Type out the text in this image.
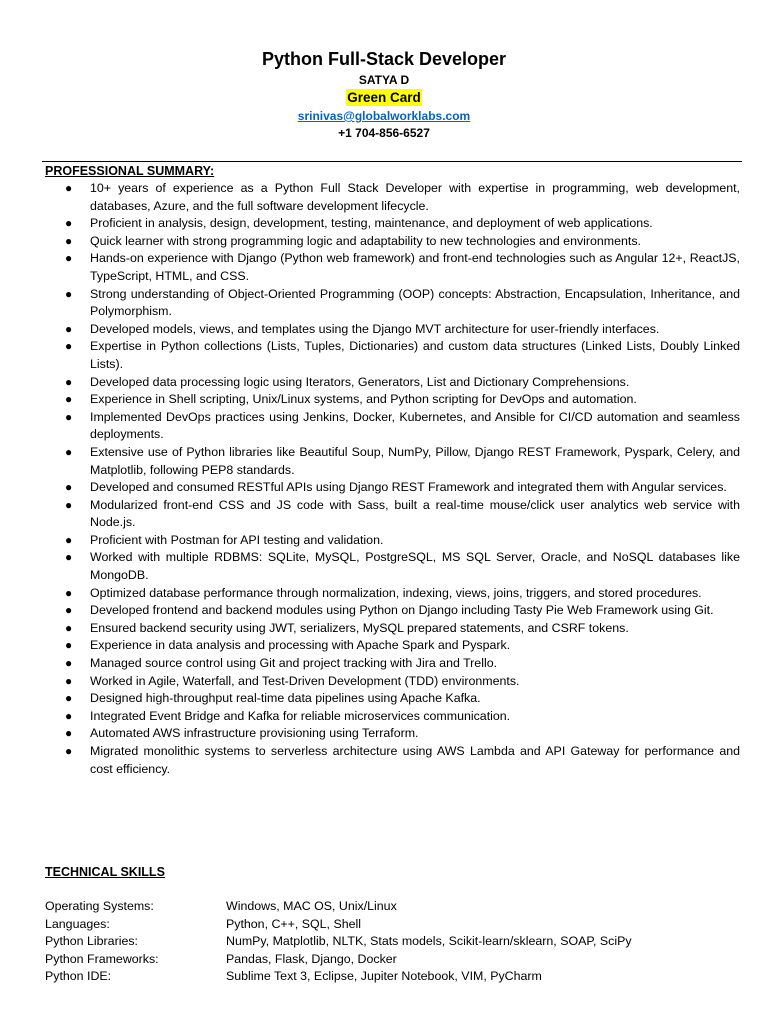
Python Full-Stack Developer
SATYA D
Green Card
srinivas@globalworklabs.com
+1 704-856-6527
PROFESSIONAL SUMMARY:
● 10+ years of experience as a Python Full Stack Developer with expertise in programming, web development, databases, Azure, and the full software development lifecycle.
● Proficient in analysis, design, development, testing, maintenance, and deployment of web applications.
● Quick learner with strong programming logic and adaptability to new technologies and environments.
● Hands-on experience with Django (Python web framework) and front-end technologies such as Angular 12+, ReactJS, TypeScript, HTML, and CSS.
● Strong understanding of Object-Oriented Programming (OOP) concepts: Abstraction, Encapsulation, Inheritance, and Polymorphism.
● Developed models, views, and templates using the Django MVT architecture for user-friendly interfaces.
● Expertise in Python collections (Lists, Tuples, Dictionaries) and custom data structures (Linked Lists, Doubly Linked Lists).
● Developed data processing logic using Iterators, Generators, List and Dictionary Comprehensions.
● Experience in Shell scripting, Unix/Linux systems, and Python scripting for DevOps and automation.
● Implemented DevOps practices using Jenkins, Docker, Kubernetes, and Ansible for CI/CD automation and seamless deployments.
● Extensive use of Python libraries like Beautiful Soup, NumPy, Pillow, Django REST Framework, Pyspark, Celery, and Matplotlib, following PEP8 standards.
● Developed and consumed RESTful APIs using Django REST Framework and integrated them with Angular services.
● Modularized front-end CSS and JS code with Sass, built a real-time mouse/click user analytics web service with Node.js.
● Proficient with Postman for API testing and validation.
● Worked with multiple RDBMS: SQLite, MySQL, PostgreSQL, MS SQL Server, Oracle, and NoSQL databases like MongoDB.
● Optimized database performance through normalization, indexing, views, joins, triggers, and stored procedures.
● Developed frontend and backend modules using Python on Django including Tasty Pie Web Framework using Git.
● Ensured backend security using JWT, serializers, MySQL prepared statements, and CSRF tokens.
● Experience in data analysis and processing with Apache Spark and Pyspark.
● Managed source control using Git and project tracking with Jira and Trello.
● Worked in Agile, Waterfall, and Test-Driven Development (TDD) environments.
● Designed high-throughput real-time data pipelines using Apache Kafka.
● Integrated Event Bridge and Kafka for reliable microservices communication.
● Automated AWS infrastructure provisioning using Terraform.
● Migrated monolithic systems to serverless architecture using AWS Lambda and API Gateway for performance and cost efficiency.
TECHNICAL SKILLS
Operating Systems:	Windows, MAC OS, Unix/Linux
Languages:	Python, C++, SQL, Shell
Python Libraries:	NumPy, Matplotlib, NLTK, Stats models, Scikit-learn/sklearn, SOAP, SciPy
Python Frameworks:	Pandas, Flask, Django, Docker
Python IDE:	Sublime Text 3, Eclipse, Jupiter Notebook, VIM, PyCharm
